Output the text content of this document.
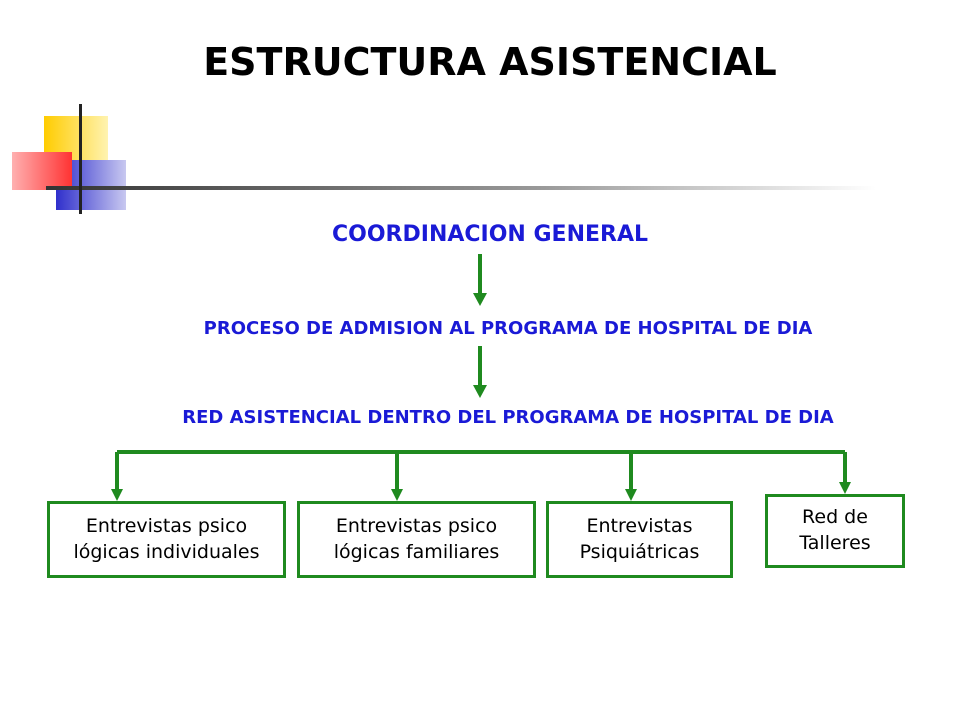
ESTRUCTURA ASISTENCIAL
COORDINACION GENERAL
PROCESO DE ADMISION AL PROGRAMA DE HOSPITAL DE DIA
RED ASISTENCIAL DENTRO DEL PROGRAMA DE HOSPITAL DE DIA
Entrevistas psico
lógicas individuales
Entrevistas psico
lógicas familiares
Entrevistas
Psiquiátricas
Red de
Talleres
